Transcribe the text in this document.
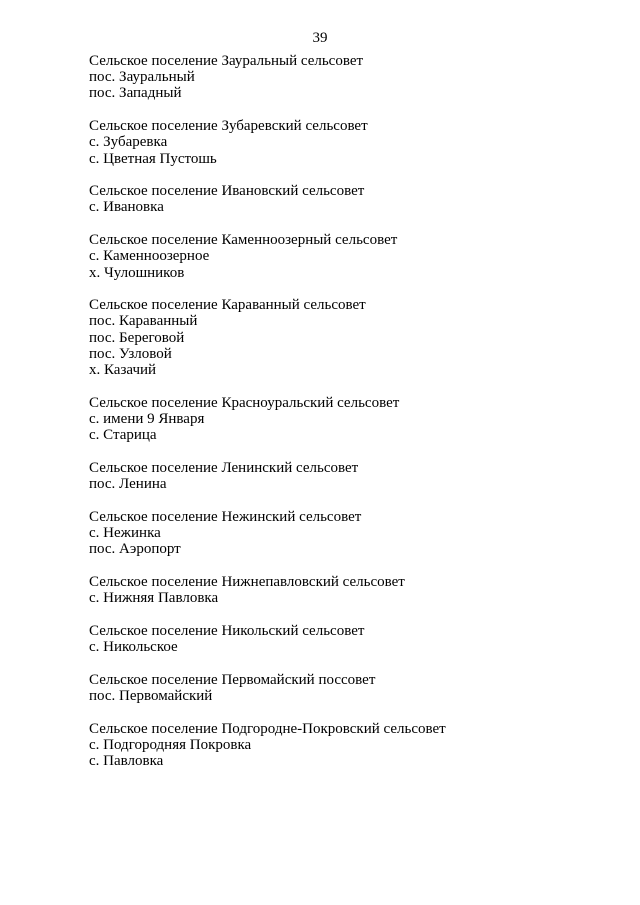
39
Сельское поселение Зауральный сельсовет
пос. Зауральный
пос. Западный
Сельское поселение Зубаревский сельсовет
с. Зубаревка
с. Цветная Пустошь
Сельское поселение Ивановский сельсовет
с. Ивановка
Сельское поселение Каменноозерный сельсовет
с. Каменноозерное
х. Чулошников
Сельское поселение Караванный сельсовет
пос. Караванный
пос. Береговой
пос. Узловой
х. Казачий
Сельское поселение Красноуральский сельсовет
с. имени 9 Января
с. Старица
Сельское поселение Ленинский сельсовет
пос. Ленина
Сельское поселение Нежинский сельсовет
с. Нежинка
пос. Аэропорт
Сельское поселение Нижнепавловский сельсовет
с. Нижняя Павловка
Сельское поселение Никольский сельсовет
с. Никольское
Сельское поселение Первомайский поссовет
пос. Первомайский
Сельское поселение Подгородне-Покровский сельсовет
с. Подгородняя Покровка
с. Павловка
